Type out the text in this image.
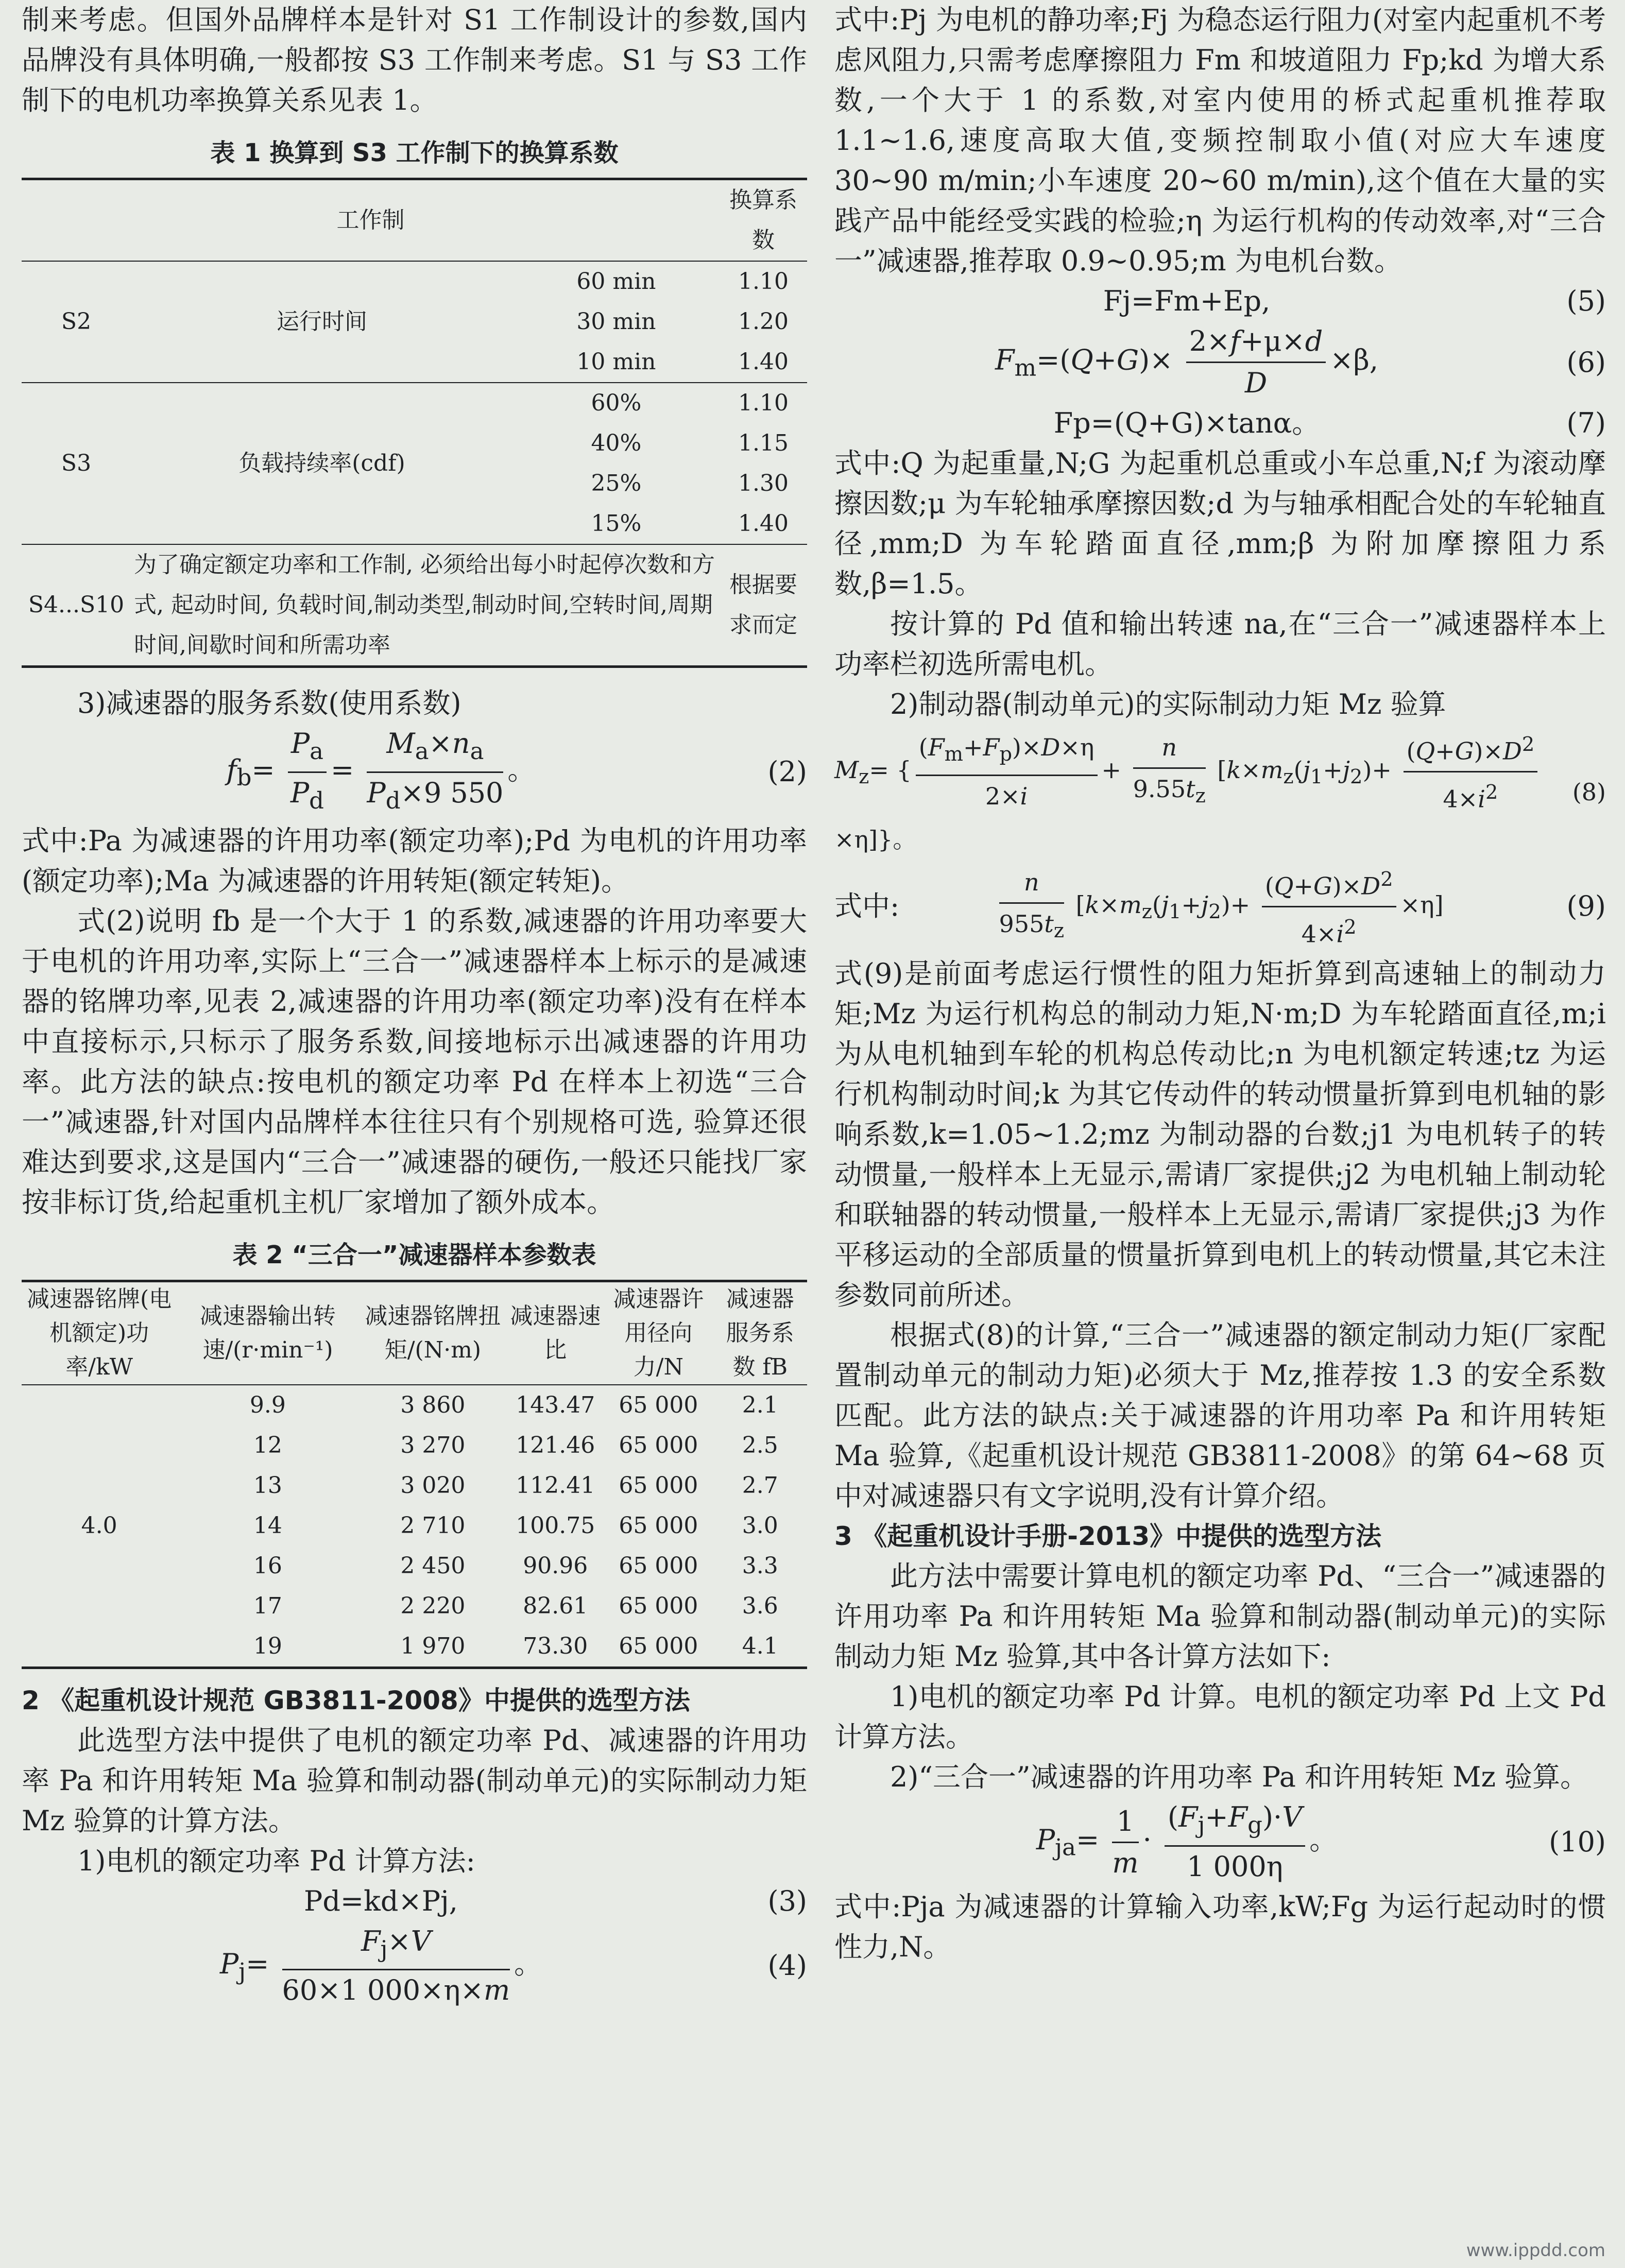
制来考虑。但国外品牌样本是针对 S1 工作制设计的参数,国内品牌没有具体明确,一般都按 S3 工作制来考虑。S1 与 S3 工作制下的电机功率换算关系见表 1。

表 1 换算到 S3 工作制下的换算系数
工作制			换算系数
S2	运行时间	60 min	1.10
		30 min	1.20
		10 min	1.40
S3	负载持续率(cdf)	60%	1.10
		40%	1.15
		25%	1.30
		15%	1.40
S4...S10	为了确定额定功率和工作制, 必须给出每小时起停次数和方式, 起动时间, 负载时间,制动类型,制动时间,空转时间,周期时间,间歇时间和所需功率		根据要求而定

3)减速器的服务系数(使用系数)

$f_b= \frac{P_a}{P_d} = \frac{M_a\times n_a}{P_d\times 9 550}$ 。	(2)

式中:Pa 为减速器的许用功率(额定功率);Pd 为电机的许用功率(额定功率);Ma 为减速器的许用转矩(额定转矩)。

式(2)说明 fb 是一个大于 1 的系数,减速器的许用功率要大于电机的许用功率,实际上“三合一”减速器样本上标示的是减速器的铭牌功率,见表 2,减速器的许用功率(额定功率)没有在样本中直接标示,只标示了服务系数,间接地标示出减速器的许用功率。此方法的缺点:按电机的额定功率 Pd 在样本上初选“三合一”减速器,针对国内品牌样本往往只有个别规格可选, 验算还很难达到要求,这是国内“三合一”减速器的硬伤,一般还只能找厂家按非标订货,给起重机主机厂家增加了额外成本。

表 2 “三合一”减速器样本参数表
减速器铭牌(电机额定)功率/kW	减速器输出转速/(r·min⁻¹)	减速器铭牌扭矩/(N·m)	减速器速比	减速器许用径向力/N	减速器服务系数 fB
4.0	9.9	3 860	143.47	65 000	2.1
	12	3 270	121.46	65 000	2.5
	13	3 020	112.41	65 000	2.7
	14	2 710	100.75	65 000	3.0
	16	2 450	90.96	65 000	3.3
	17	2 220	82.61	65 000	3.6
	19	1 970	73.30	65 000	4.1

2 《起重机设计规范 GB3811-2008》中提供的选型方法

此选型方法中提供了电机的额定功率 Pd、减速器的许用功率 Pa 和许用转矩 Ma 验算和制动器(制动单元)的实际制动力矩 Mz 验算的计算方法。

1)电机的额定功率 Pd 计算方法:

Pd=kd×Pj,	(3)
$P_j= \frac{F_j\times V}{60\times 1 000\times\eta\times m}$ 。	(4)

式中:Pj 为电机的静功率;Fj 为稳态运行阻力(对室内起重机不考虑风阻力,只需考虑摩擦阻力 Fm 和坡道阻力 Fp;kd 为增大系数,一个大于 1 的系数,对室内使用的桥式起重机推荐取 1.1~1.6,速度高取大值,变频控制取小值(对应大车速度 30~90 m/min;小车速度 20~60 m/min),这个值在大量的实践产品中能经受实践的检验;η 为运行机构的传动效率,对“三合一”减速器,推荐取 0.9~0.95;m 为电机台数。

Fj=Fm+Ep,	(5)
$F_m=(Q+G)\times \frac{2\times f+\mu\times d}{D} \times\beta$,	(6)
Fp=(Q+G)×tanα。	(7)

式中:Q 为起重量,N;G 为起重机总重或小车总重,N;f 为滚动摩擦因数;μ 为车轮轴承摩擦因数;d 为与轴承相配合处的车轮轴直径,mm;D 为车轮踏面直径,mm;β 为附加摩擦阻力系数,β=1.5。

按计算的 Pd 值和输出转速 na,在“三合一”减速器样本上功率栏初选所需电机。

2)制动器(制动单元)的实际制动力矩 Mz 验算

$M_z=$ { $\frac{(F_m+F_p)\times D\times\eta}{2\times i} + \frac{n}{9.55t_z} [k\times m_z(j_1+j_2)+ \frac{(Q+G)\times D^2}{4\times i^2}$
×η]}。
(8)
式中:	$\frac{n}{955t_z} [k\times m_z(j_1+j_2)+ \frac{(Q+G)\times D^2}{4\times i^2} \times\eta]$	(9)

式(9)是前面考虑运行惯性的阻力矩折算到高速轴上的制动力矩;Mz 为运行机构总的制动力矩,N·m;D 为车轮踏面直径,m;i 为从电机轴到车轮的机构总传动比;n 为电机额定转速;tz 为运行机构制动时间;k 为其它传动件的转动惯量折算到电机轴的影响系数,k=1.05~1.2;mz 为制动器的台数;j1 为电机转子的转动惯量,一般样本上无显示,需请厂家提供;j2 为电机轴上制动轮和联轴器的转动惯量,一般样本上无显示,需请厂家提供;j3 为作平移运动的全部质量的惯量折算到电机上的转动惯量,其它未注参数同前所述。

根据式(8)的计算,“三合一”减速器的额定制动力矩(厂家配置制动单元的制动力矩)必须大于 Mz,推荐按 1.3 的安全系数匹配。此方法的缺点:关于减速器的许用功率 Pa 和许用转矩 Ma 验算,《起重机设计规范 GB3811-2008》的第 64~68 页中对减速器只有文字说明,没有计算介绍。

3 《起重机设计手册-2013》中提供的选型方法

此方法中需要计算电机的额定功率 Pd、“三合一”减速器的许用功率 Pa 和许用转矩 Ma 验算和制动器(制动单元)的实际制动力矩 Mz 验算,其中各计算方法如下:

1)电机的额定功率 Pd 计算。电机的额定功率 Pd 上文 Pd 计算方法。

2)“三合一”减速器的许用功率 Pa 和许用转矩 Mz 验算。

$P_{ja}= \frac{1}{m} \cdot \frac{(F_j+F_g)\cdot V}{1 000\eta}$ 。	(10)

式中:Pja 为减速器的计算输入功率,kW;Fg 为运行起动时的惯性力,N。

www.ippdd.com
